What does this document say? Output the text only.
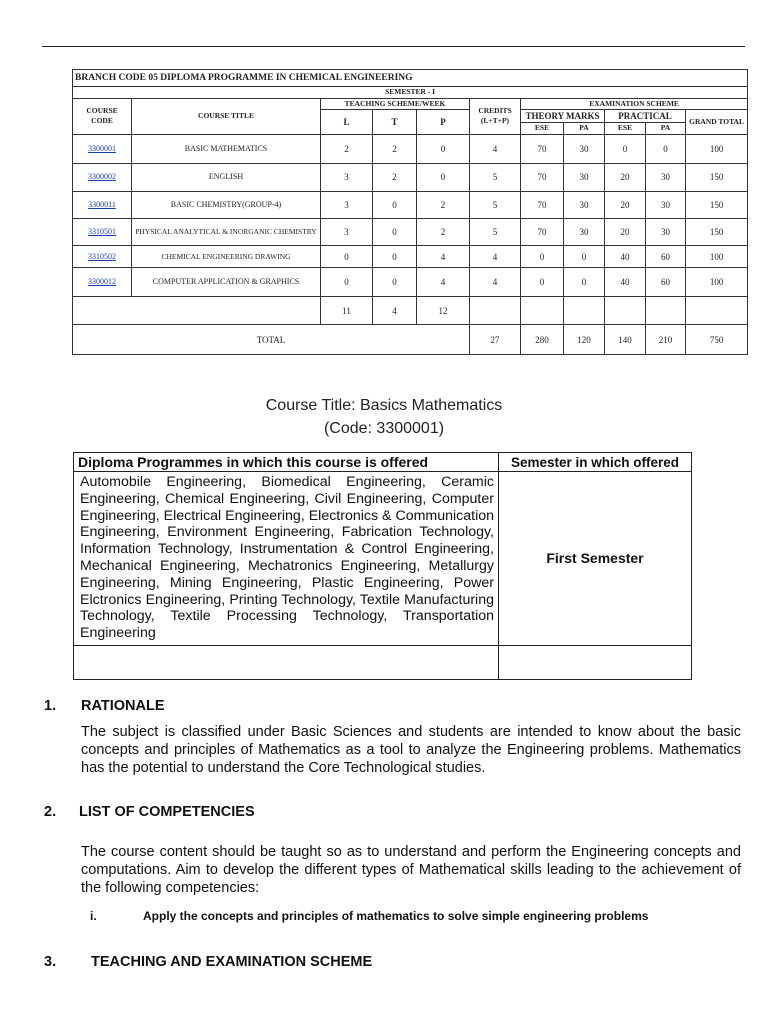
BRANCH CODE 05 DIPLOMA PROGRAMME IN CHEMICAL ENGINEERING										
SEMESTER - I										
COURSE CODE	COURSE TITLE	TEACHING SCHEME/WEEK			CREDITS (L+T+P)	EXAMINATION SCHEME				
		L	T	P		THEORY MARKS		PRACTICAL		GRAND TOTAL
						ESE	PA	ESE	PA	
3300001	BASIC MATHEMATICS	2	2	0	4	70	30	0	0	100
3300002	ENGLISH	3	2	0	5	70	30	20	30	150
3300011	BASIC CHEMISTRY(GROUP-4)	3	0	2	5	70	30	20	30	150
3310501	PHYSICAL ANALYTICAL & INORGANIC CHEMISTRY	3	0	2	5	70	30	20	30	150
3310502	CHEMICAL ENGINEERING DRAWING	0	0	4	4	0	0	40	60	100
3300012	COMPUTER APPLICATION & GRAPHICS	0	0	4	4	0	0	40	60	100
		11	4	12						
TOTAL					27	280	120	140	210	750
Course Title: Basics Mathematics
(Code: 3300001)
Diploma Programmes in which this course is offered	Semester in which offered
Automobile Engineering, Biomedical Engineering, Ceramic Engineering, Chemical Engineering, Civil Engineering, Computer Engineering, Electrical Engineering, Electronics & Communication Engineering, Environment Engineering, Fabrication Technology, Information Technology, Instrumentation & Control Engineering, Mechanical Engineering, Mechatronics Engineering, Metallurgy Engineering, Mining Engineering, Plastic Engineering, Power Elctronics Engineering, Printing Technology, Textile Manufacturing Technology, Textile Processing Technology, Transportation Engineering	First Semester

1. RATIONALE
The subject is classified under Basic Sciences and students are intended to know about the basic concepts and principles of Mathematics as a tool to analyze the Engineering problems. Mathematics has the potential to understand the Core Technological studies.
2. LIST OF COMPETENCIES
The course content should be taught so as to understand and perform the Engineering concepts and computations. Aim to develop the different types of Mathematical skills leading to the achievement of the following competencies:
i.	Apply the concepts and principles of mathematics to solve simple engineering problems
3. TEACHING AND EXAMINATION SCHEME
